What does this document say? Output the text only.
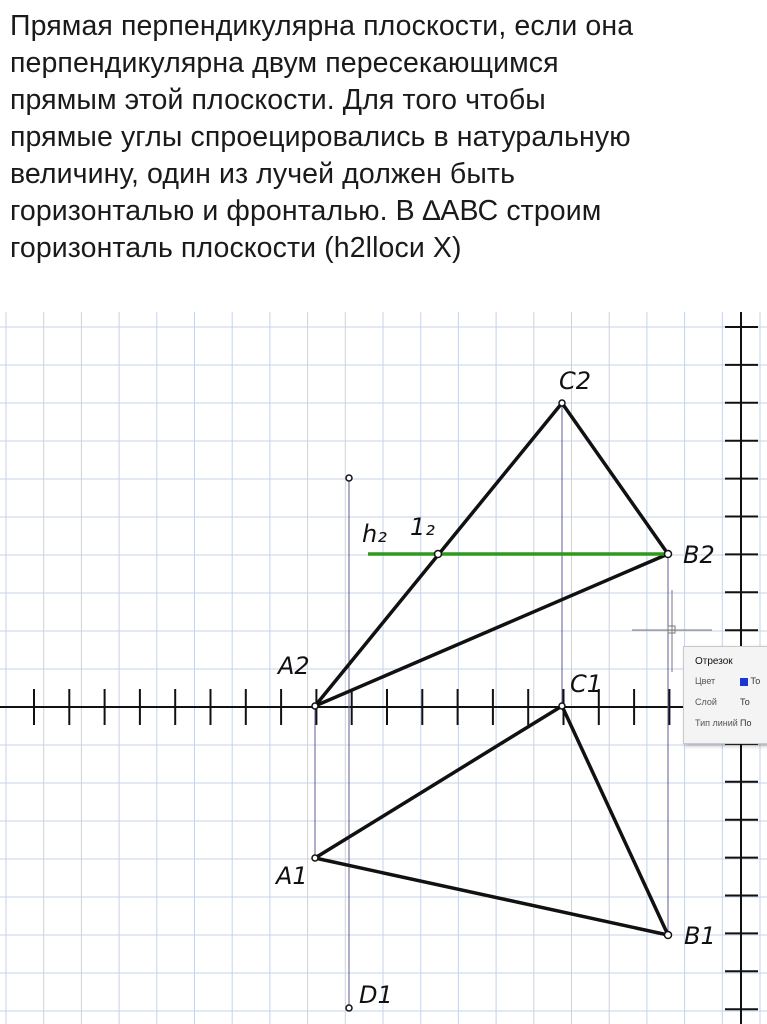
Прямая перпендикулярна плоскости, если она
перпендикулярна двум пересекающимся
прямым этой плоскости. Для того чтобы
прямые углы спроецировались в натуральную
величину, один из лучей должен быть
горизонталью и фронталью. В ∆АВС строим
горизонталь плоскости (h2llоси Х)
C2
B2
A2
h₂ 1₂
C1
A1
B1
D1
Отрезок
Цвет	То
Слой	То
Тип линий По
